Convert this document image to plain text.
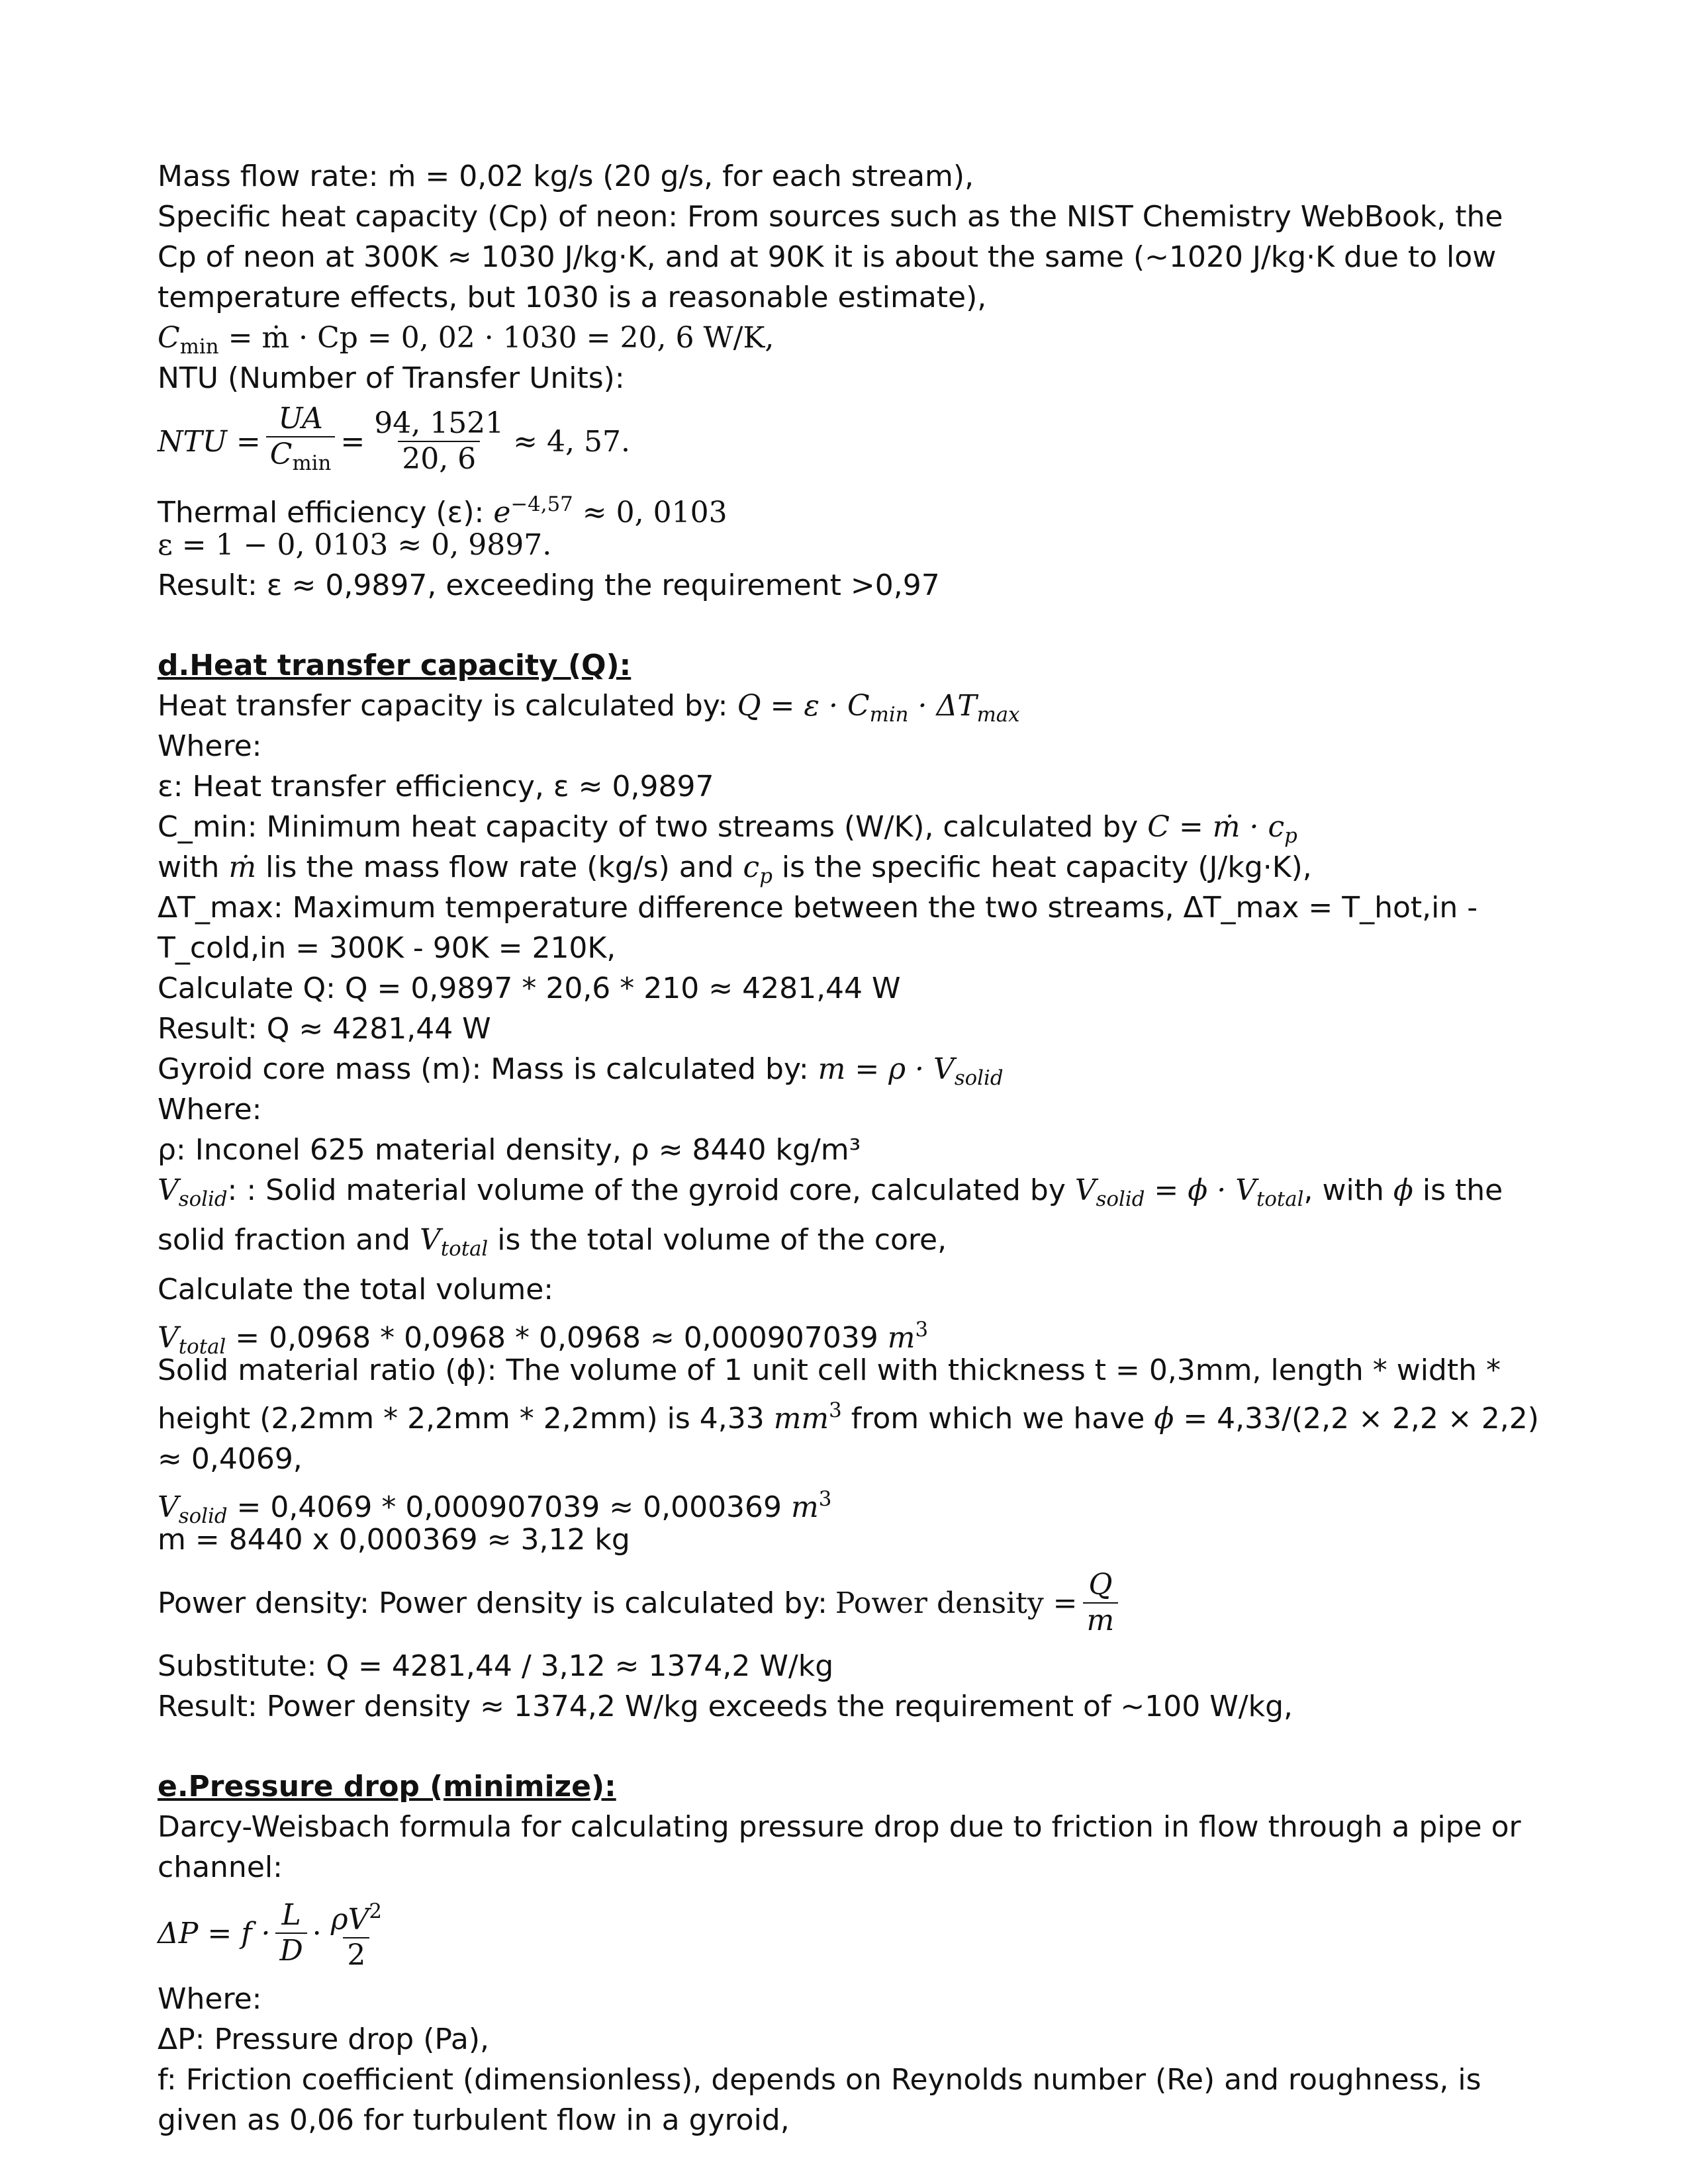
Mass flow rate: ṁ = 0,02 kg/s (20 g/s, for each stream),
Specific heat capacity (Cp) of neon: From sources such as the NIST Chemistry WebBook, the Cp of neon at 300K ≈ 1030 J/kg·K, and at 90K it is about the same (~1020 J/kg·K due to low temperature effects, but 1030 is a reasonable estimate),
$C_{min}$ = ṁ · Cp = 0, 02 · 1030 = 20, 6 W/K,
NTU (Number of Transfer Units):
NTU = $\frac{UA}{C_{min}} = \frac{94, 1521}{20, 6} \approx 4$, 57.
Thermal efficiency (ε): $e^{-4,57} \approx 0$, 0103
ε = 1 − 0, 0103 ≈ 0, 9897.
Result: ε ≈ 0,9897, exceeding the requirement >0,97
d.Heat transfer capacity (Q):
Heat transfer capacity is calculated by: $Q = \varepsilon \cdot C_{min} \cdot \Delta T_{max}$
Where:
ε: Heat transfer efficiency, ε ≈ 0,9897
C_min: Minimum heat capacity of two streams (W/K), calculated by C = ṁ · $c_p$
with ṁ lis the mass flow rate (kg/s) and $c_p$ is the specific heat capacity (J/kg·K),
ΔT_max: Maximum temperature difference between the two streams, ΔT_max = T_hot,in - T_cold,in = 300K - 90K = 210K,
Calculate Q: Q = 0,9897 * 20,6 * 210 ≈ 4281,44 W
Result: Q ≈ 4281,44 W
Gyroid core mass (m): Mass is calculated by: $m = \rho \cdot V_{solid}$
Where:
ρ: Inconel 625 material density, ρ ≈ 8440 kg/m³
$V_{solid}$: : Solid material volume of the gyroid core, calculated by $V_{solid} = \phi \cdot V_{total}$, with ϕ is the solid fraction and $V_{total}$ is the total volume of the core,
Calculate the total volume:
$V_{total} = 0,0968 * 0,0968 * 0,0968 \approx 0,000907039$ $m^3$
Solid material ratio (ϕ): The volume of 1 unit cell with thickness t = 0,3mm, length * width * height (2,2mm * 2,2mm * 2,2mm) is 4,33 $mm^3$ from which we have ϕ = 4,33/(2,2 × 2,2 × 2,2) ≈ 0,4069,
$V_{solid} = 0,4069 * 0,000907039 \approx 0,000369$ $m^3$
m = 8440 x 0,000369 ≈ 3,12 kg
Power density: Power density is calculated by: Power density = $\frac{Q}{m}$
Substitute: Q = 4281,44 / 3,12 ≈ 1374,2 W/kg
Result: Power density ≈ 1374,2 W/kg exceeds the requirement of ~100 W/kg,
e.Pressure drop (minimize):
Darcy-Weisbach formula for calculating pressure drop due to friction in flow through a pipe or channel:
$\Delta P = f \cdot \frac{L}{D} \cdot \frac{\rho V^2}{2}$
Where:
ΔP: Pressure drop (Pa),
f: Friction coefficient (dimensionless), depends on Reynolds number (Re) and roughness, is given as 0,06 for turbulent flow in a gyroid,
